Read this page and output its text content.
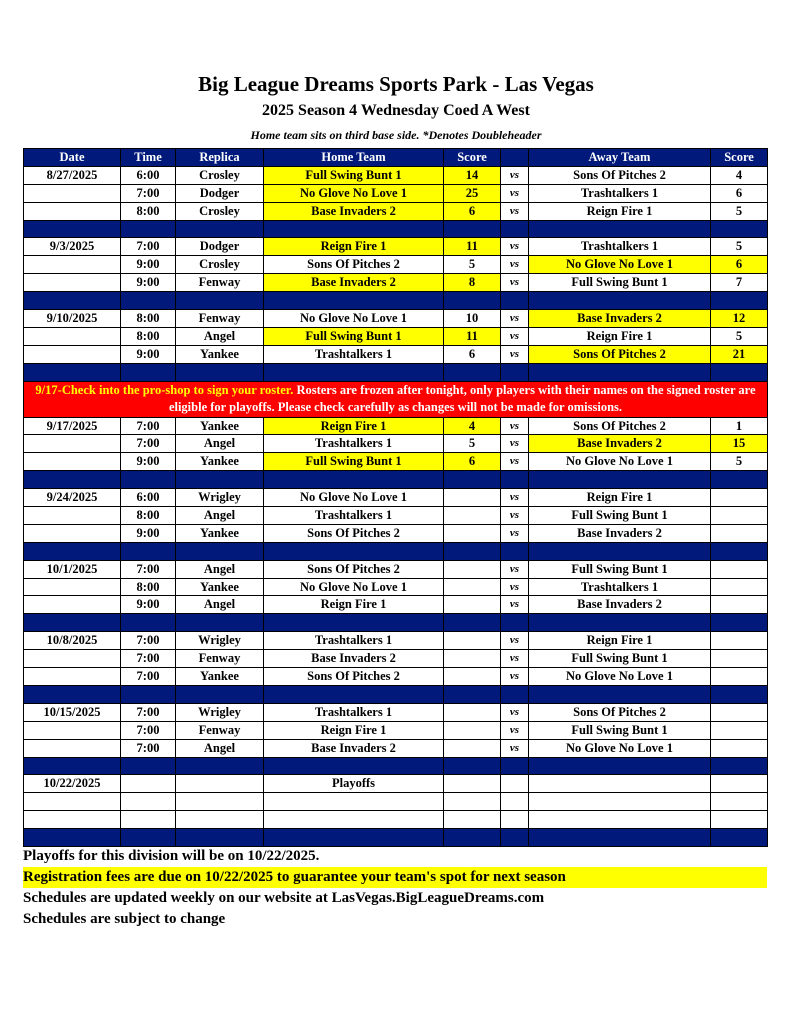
Big League Dreams Sports Park - Las Vegas
2025 Season 4 Wednesday Coed A West
Home team sits on third base side. *Denotes Doubleheader
Date	Time	Replica	Home Team	Score		Away Team	Score
8/27/2025	6:00	Crosley	Full Swing Bunt 1	14	vs	Sons Of Pitches 2	4
	7:00	Dodger	No Glove No Love 1	25	vs	Trashtalkers 1	6
	8:00	Crosley	Base Invaders 2	6	vs	Reign Fire 1	5

9/3/2025	7:00	Dodger	Reign Fire 1	11	vs	Trashtalkers 1	5
	9:00	Crosley	Sons Of Pitches 2	5	vs	No Glove No Love 1	6
	9:00	Fenway	Base Invaders 2	8	vs	Full Swing Bunt 1	7

9/10/2025	8:00	Fenway	No Glove No Love 1	10	vs	Base Invaders 2	12
	8:00	Angel	Full Swing Bunt 1	11	vs	Reign Fire 1	5
	9:00	Yankee	Trashtalkers 1	6	vs	Sons Of Pitches 2	21

9/17-Check into the pro-shop to sign your roster. Rosters are frozen after tonight, only players with their names on the signed roster are eligible for playoffs. Please check carefully as changes will not be made for omissions.							
9/17/2025	7:00	Yankee	Reign Fire 1	4	vs	Sons Of Pitches 2	1
	7:00	Angel	Trashtalkers 1	5	vs	Base Invaders 2	15
	9:00	Yankee	Full Swing Bunt 1	6	vs	No Glove No Love 1	5

9/24/2025	6:00	Wrigley	No Glove No Love 1		vs	Reign Fire 1	
	8:00	Angel	Trashtalkers 1		vs	Full Swing Bunt 1	
	9:00	Yankee	Sons Of Pitches 2		vs	Base Invaders 2	

10/1/2025	7:00	Angel	Sons Of Pitches 2		vs	Full Swing Bunt 1	
	8:00	Yankee	No Glove No Love 1		vs	Trashtalkers 1	
	9:00	Angel	Reign Fire 1		vs	Base Invaders 2	

10/8/2025	7:00	Wrigley	Trashtalkers 1		vs	Reign Fire 1	
	7:00	Fenway	Base Invaders 2		vs	Full Swing Bunt 1	
	7:00	Yankee	Sons Of Pitches 2		vs	No Glove No Love 1	

10/15/2025	7:00	Wrigley	Trashtalkers 1		vs	Sons Of Pitches 2	
	7:00	Fenway	Reign Fire 1		vs	Full Swing Bunt 1	
	7:00	Angel	Base Invaders 2		vs	No Glove No Love 1	

10/22/2025			Playoffs				

Playoffs for this division will be on 10/22/2025.
Registration fees are due on 10/22/2025 to guarantee your team's spot for next season
Schedules are updated weekly on our website at LasVegas.BigLeagueDreams.com
Schedules are subject to change
